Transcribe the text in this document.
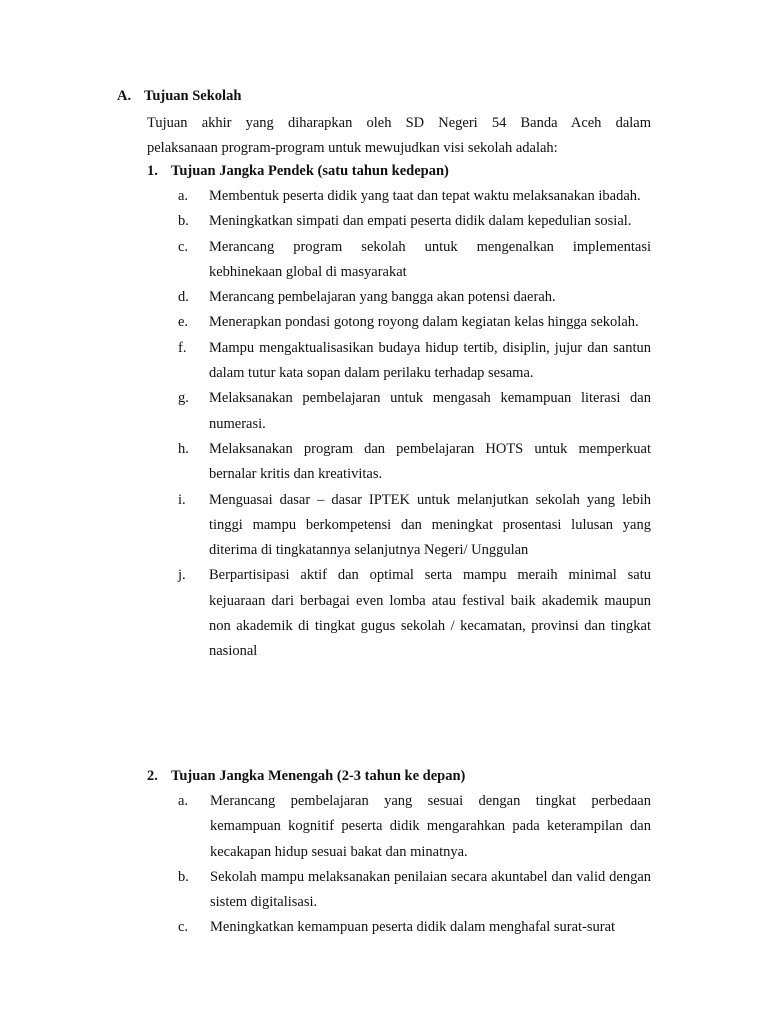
A. Tujuan Sekolah
Tujuan akhir yang diharapkan oleh SD Negeri 54 Banda Aceh dalam
pelaksanaan program-program untuk mewujudkan visi sekolah adalah:
1. Tujuan Jangka Pendek (satu tahun kedepan)
a. Membentuk peserta didik yang taat dan tepat waktu melaksanakan ibadah.
b. Meningkatkan simpati dan empati peserta didik dalam kepedulian sosial.
c. Merancang program sekolah untuk mengenalkan implementasi kebhinekaan global di masyarakat
d. Merancang pembelajaran yang bangga akan potensi daerah.
e. Menerapkan pondasi gotong royong dalam kegiatan kelas hingga sekolah.
f. Mampu mengaktualisasikan budaya hidup tertib, disiplin, jujur dan santun dalam tutur kata sopan dalam perilaku terhadap sesama.
g. Melaksanakan pembelajaran untuk mengasah kemampuan literasi dan numerasi.
h. Melaksanakan program dan pembelajaran HOTS untuk memperkuat bernalar kritis dan kreativitas.
i. Menguasai dasar – dasar IPTEK untuk melanjutkan sekolah yang lebih tinggi mampu berkompetensi dan meningkat prosentasi lulusan yang diterima di tingkatannya selanjutnya Negeri/ Unggulan
j. Berpartisipasi aktif dan optimal serta mampu meraih minimal satu kejuaraan dari berbagai even lomba atau festival baik akademik maupun non akademik di tingkat gugus sekolah / kecamatan, provinsi dan tingkat nasional
2. Tujuan Jangka Menengah (2-3 tahun ke depan)
a. Merancang pembelajaran yang sesuai dengan tingkat perbedaan kemampuan kognitif peserta didik mengarahkan pada keterampilan dan kecakapan hidup sesuai bakat dan minatnya.
b. Sekolah mampu melaksanakan penilaian secara akuntabel dan valid dengan sistem digitalisasi.
c. Meningkatkan kemampuan peserta didik dalam menghafal surat-surat
